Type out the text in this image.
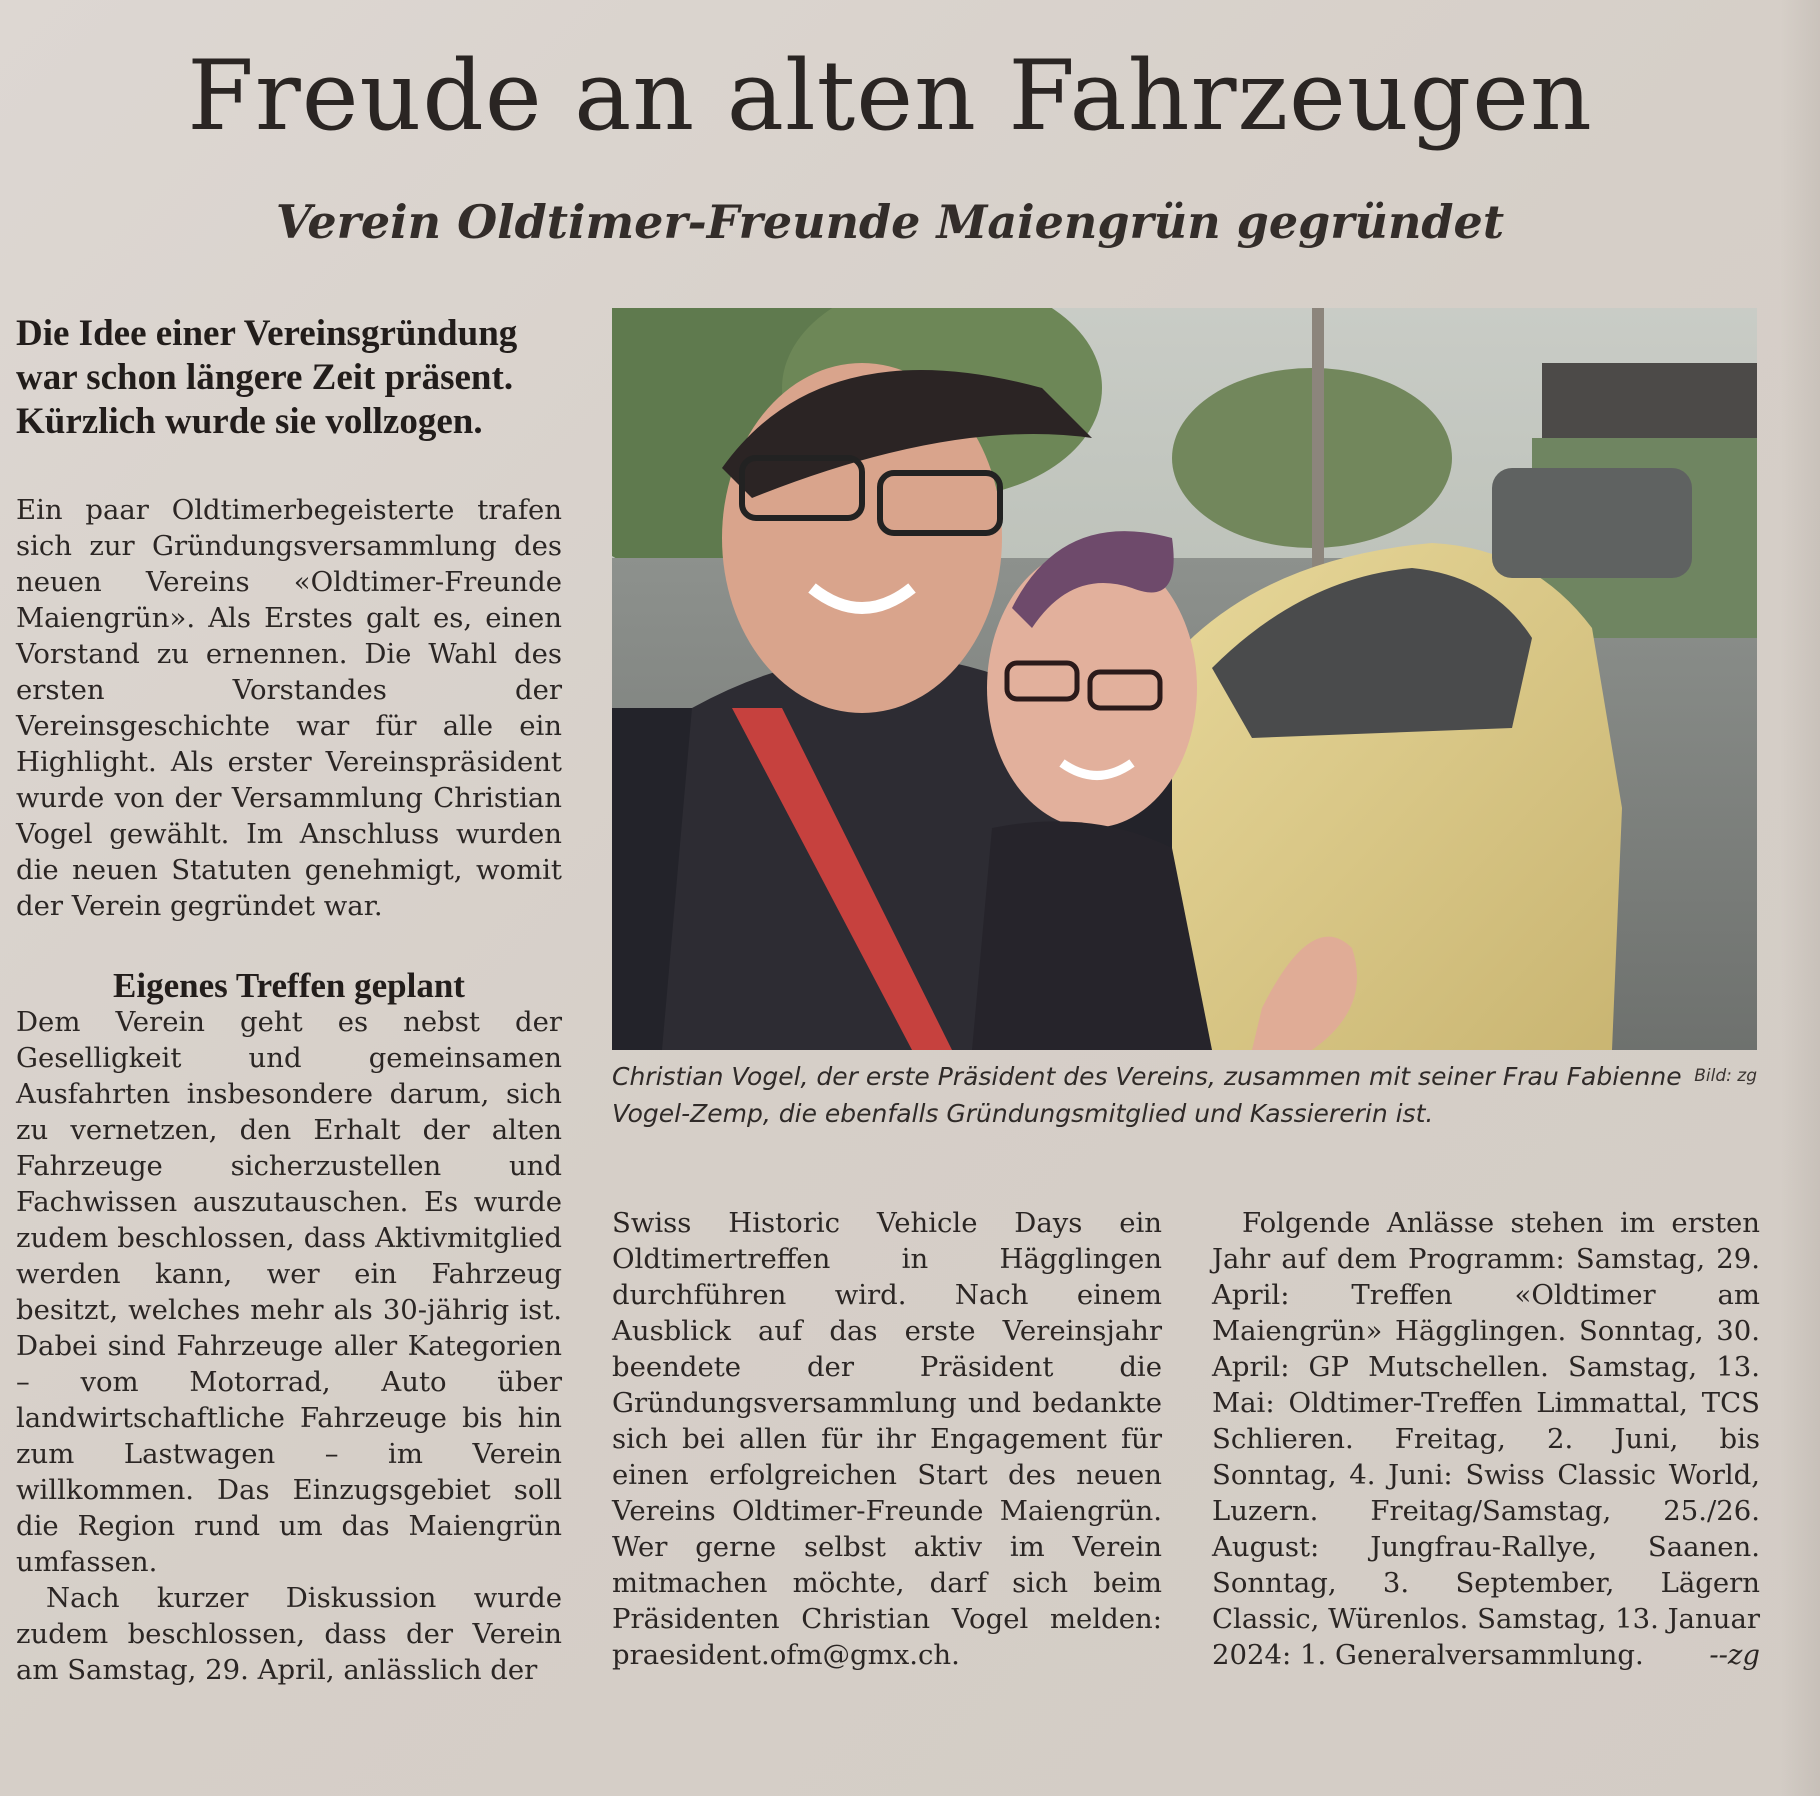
Freude an alten Fahrzeugen
Verein Oldtimer-Freunde Maiengrün gegründet

Die Idee einer Vereinsgründung war schon längere Zeit präsent. Kürzlich wurde sie vollzogen.

Ein paar Oldtimerbegeisterte trafen sich zur Gründungsversammlung des neuen Vereins «Oldtimer-Freunde Maiengrün». Als Erstes galt es, einen Vorstand zu ernennen. Die Wahl des ersten Vorstandes der Vereinsgeschichte war für alle ein Highlight. Als erster Vereinspräsident wurde von der Versammlung Christian Vogel gewählt. Im Anschluss wurden die neuen Statuten genehmigt, womit der Verein gegründet war.

Eigenes Treffen geplant

Dem Verein geht es nebst der Geselligkeit und gemeinsamen Ausfahrten insbesondere darum, sich zu vernetzen, den Erhalt der alten Fahrzeuge sicherzustellen und Fachwissen auszutauschen. Es wurde zudem beschlossen, dass Aktivmitglied werden kann, wer ein Fahrzeug besitzt, welches mehr als 30-jährig ist. Dabei sind Fahrzeuge aller Kategorien – vom Motorrad, Auto über landwirtschaftliche Fahrzeuge bis hin zum Lastwagen – im Verein willkommen. Das Einzugsgebiet soll die Region rund um das Maiengrün umfassen.

Nach kurzer Diskussion wurde zudem beschlossen, dass der Verein am Samstag, 29. April, anlässlich der

Christian Vogel, der erste Präsident des Vereins, zusammen mit seiner Frau Fabienne Vogel-Zemp, die ebenfalls Gründungsmitglied und Kassiererin ist.
Bild: zg

Swiss Historic Vehicle Days ein Oldtimertreffen in Hägglingen durchführen wird. Nach einem Ausblick auf das erste Vereinsjahr beendete der Präsident die Gründungsversammlung und bedankte sich bei allen für ihr Engagement für einen erfolgreichen Start des neuen Vereins Oldtimer-Freunde Maiengrün. Wer gerne selbst aktiv im Verein mitmachen möchte, darf sich beim Präsidenten Christian Vogel melden: praesident.ofm@gmx.ch.

Folgende Anlässe stehen im ersten Jahr auf dem Programm: Samstag, 29. April: Treffen «Oldtimer am Maiengrün» Hägglingen. Sonntag, 30. April: GP Mutschellen. Samstag, 13. Mai: Oldtimer-Treffen Limmattal, TCS Schlieren. Freitag, 2. Juni, bis Sonntag, 4. Juni: Swiss Classic World, Luzern. Freitag/Samstag, 25./26. August: Jungfrau-Rallye, Saanen. Sonntag, 3. September, Lägern Classic, Würenlos. Samstag, 13. Januar 2024: 1. Generalversammlung.	--zg
